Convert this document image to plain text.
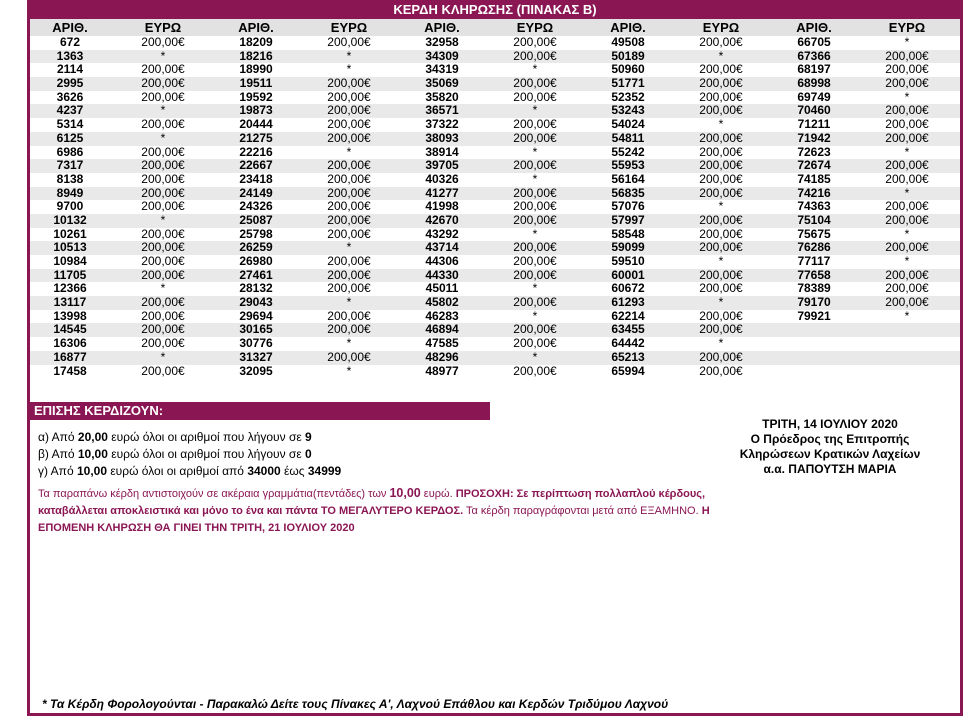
ΚΕΡΔΗ ΚΛΗΡΩΣΗΣ (ΠΙΝΑΚΑΣ Β)
ΑΡΙΘ.	ΕΥΡΩ
672	200,00€
1363	*
2114	200,00€
2995	200,00€
3626	200,00€
4237	*
5314	200,00€
6125	*
6986	200,00€
7317	200,00€
8138	200,00€
8949	200,00€
9700	200,00€
10132	*
10261	200,00€
10513	200,00€
10984	200,00€
11705	200,00€
12366	*
13117	200,00€
13998	200,00€
14545	200,00€
16306	200,00€
16877	*
17458	200,00€
ΑΡΙΘ.	ΕΥΡΩ
18209	200,00€
18216	*
18990	*
19511	200,00€
19592	200,00€
19873	200,00€
20444	200,00€
21275	200,00€
22216	*
22667	200,00€
23418	200,00€
24149	200,00€
24326	200,00€
25087	200,00€
25798	200,00€
26259	*
26980	200,00€
27461	200,00€
28132	200,00€
29043	*
29694	200,00€
30165	200,00€
30776	*
31327	200,00€
32095	*
ΑΡΙΘ.	ΕΥΡΩ
32958	200,00€
34309	200,00€
34319	*
35069	200,00€
35820	200,00€
36571	*
37322	200,00€
38093	200,00€
38914	*
39705	200,00€
40326	*
41277	200,00€
41998	200,00€
42670	200,00€
43292	*
43714	200,00€
44306	200,00€
44330	200,00€
45011	*
45802	200,00€
46283	*
46894	200,00€
47585	200,00€
48296	*
48977	200,00€
ΑΡΙΘ.	ΕΥΡΩ
49508	200,00€
50189	*
50960	200,00€
51771	200,00€
52352	200,00€
53243	200,00€
54024	*
54811	200,00€
55242	200,00€
55953	200,00€
56164	200,00€
56835	200,00€
57076	*
57997	200,00€
58548	200,00€
59099	200,00€
59510	*
60001	200,00€
60672	200,00€
61293	*
62214	200,00€
63455	200,00€
64442	*
65213	200,00€
65994	200,00€
ΑΡΙΘ.	ΕΥΡΩ
66705	*
67366	200,00€
68197	200,00€
68998	200,00€
69749	*
70460	200,00€
71211	200,00€
71942	200,00€
72623	*
72674	200,00€
74185	200,00€
74216	*
74363	200,00€
75104	200,00€
75675	*
76286	200,00€
77117	*
77658	200,00€
78389	200,00€
79170	200,00€
79921	*
ΕΠΙΣΗΣ ΚΕΡΔΙΖΟΥΝ:
α) Από 20,00 ευρώ όλοι οι αριθμοί που λήγουν σε 9
β) Από 10,00 ευρώ όλοι οι αριθμοί που λήγουν σε 0
γ) Από 10,00 ευρώ όλοι οι αριθμοί από 34000 έως 34999
ΤΡΙΤΗ, 14 ΙΟΥΛΙΟΥ 2020
Ο Πρόεδρος της Επιτροπής
Κληρώσεων Κρατικών Λαχείων
α.α. ΠΑΠΟΥΤΣΗ ΜΑΡΙΑ
Τα παραπάνω κέρδη αντιστοιχούν σε ακέραια γραμμάτια(πεντάδες) των 10,00 ευρώ. ΠΡΟΣΟΧΗ: Σε περίπτωση πολλαπλού κέρδους, καταβάλλεται αποκλειστικά και μόνο το ένα και πάντα ΤΟ ΜΕΓΑΛΥΤΕΡΟ ΚΕΡΔΟΣ. Τα κέρδη παραγράφονται μετά από ΕΞΑΜΗΝΟ. Η ΕΠΟΜΕΝΗ ΚΛΗΡΩΣΗ ΘΑ ΓΙΝΕΙ ΤΗΝ ΤΡΙΤΗ, 21 ΙΟΥΛΙΟΥ 2020
* Τα Κέρδη Φορολογούνται - Παρακαλώ Δείτε τους Πίνακες Α', Λαχνού Επάθλου και Κερδών Τριδύμου Λαχνού
